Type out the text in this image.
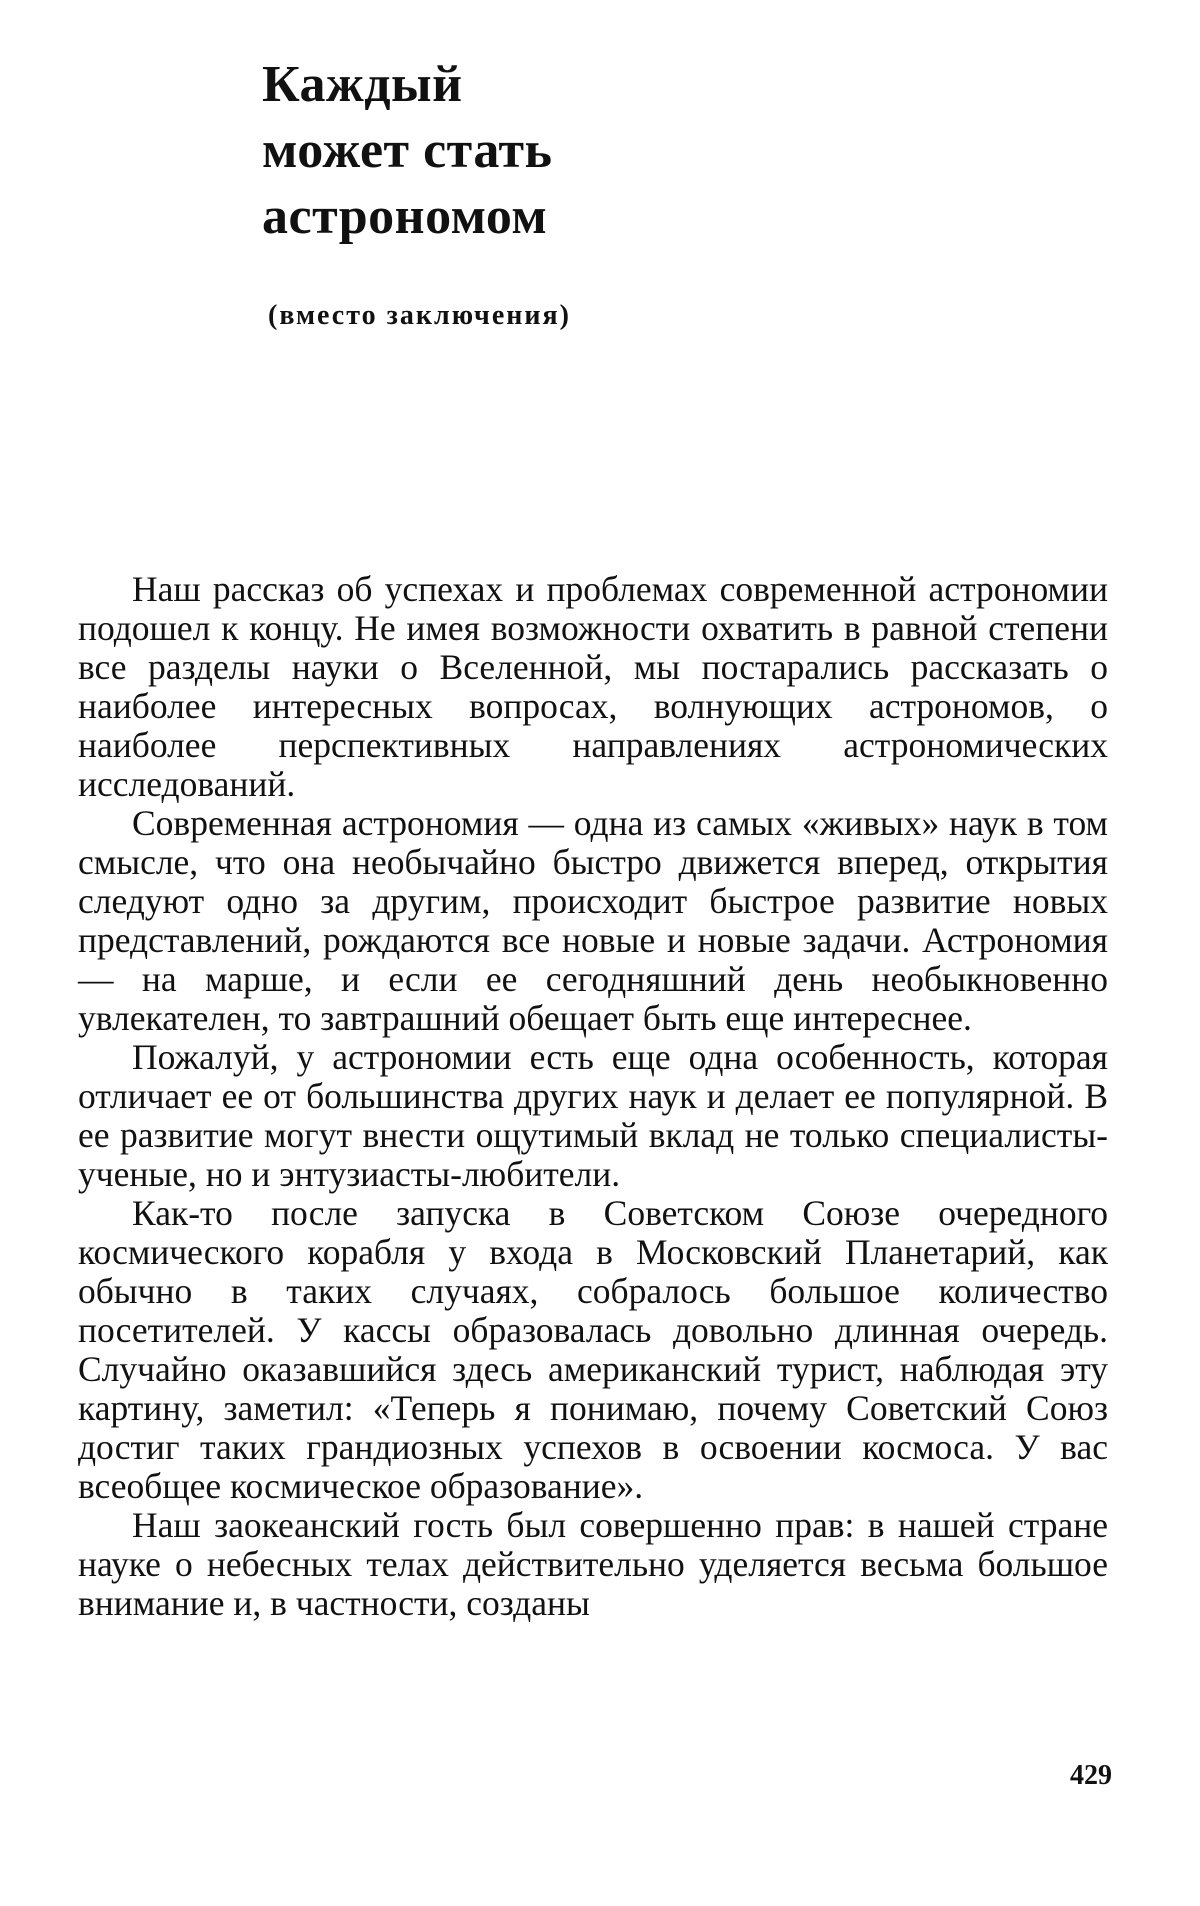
Каждый
может стать
астрономом
(вместо заключения)

Наш рассказ об успехах и проблемах современной астрономии подошел к концу. Не имея возможности охватить в равной степени все разделы науки о Вселенной, мы постарались рассказать о наиболее интересных вопросах, волнующих астрономов, о наиболее перспективных направлениях астрономических исследований.

Современная астрономия — одна из самых «живых» наук в том смысле, что она необычайно быстро движется вперед, открытия следуют одно за другим, происходит быстрое развитие новых представлений, рождаются все новые и новые задачи. Астрономия — на марше, и если ее сегодняшний день необыкновенно увлекателен, то завтрашний обещает быть еще интереснее.

Пожалуй, у астрономии есть еще одна особенность, которая отличает ее от большинства других наук и делает ее популярной. В ее развитие могут внести ощутимый вклад не только специалисты-ученые, но и энтузиасты-любители.

Как-то после запуска в Советском Союзе очередного космического корабля у входа в Московский Планетарий, как обычно в таких случаях, собралось большое количество посетителей. У кассы образовалась довольно длинная очередь. Случайно оказавшийся здесь американский турист, наблюдая эту картину, заметил: «Теперь я понимаю, почему Советский Союз достиг таких грандиозных успехов в освоении космоса. У вас всеобщее космическое образование».

Наш заокеанский гость был совершенно прав: в нашей стране науке о небесных телах действительно уделяется весьма большое внимание и, в частности, созданы

429
